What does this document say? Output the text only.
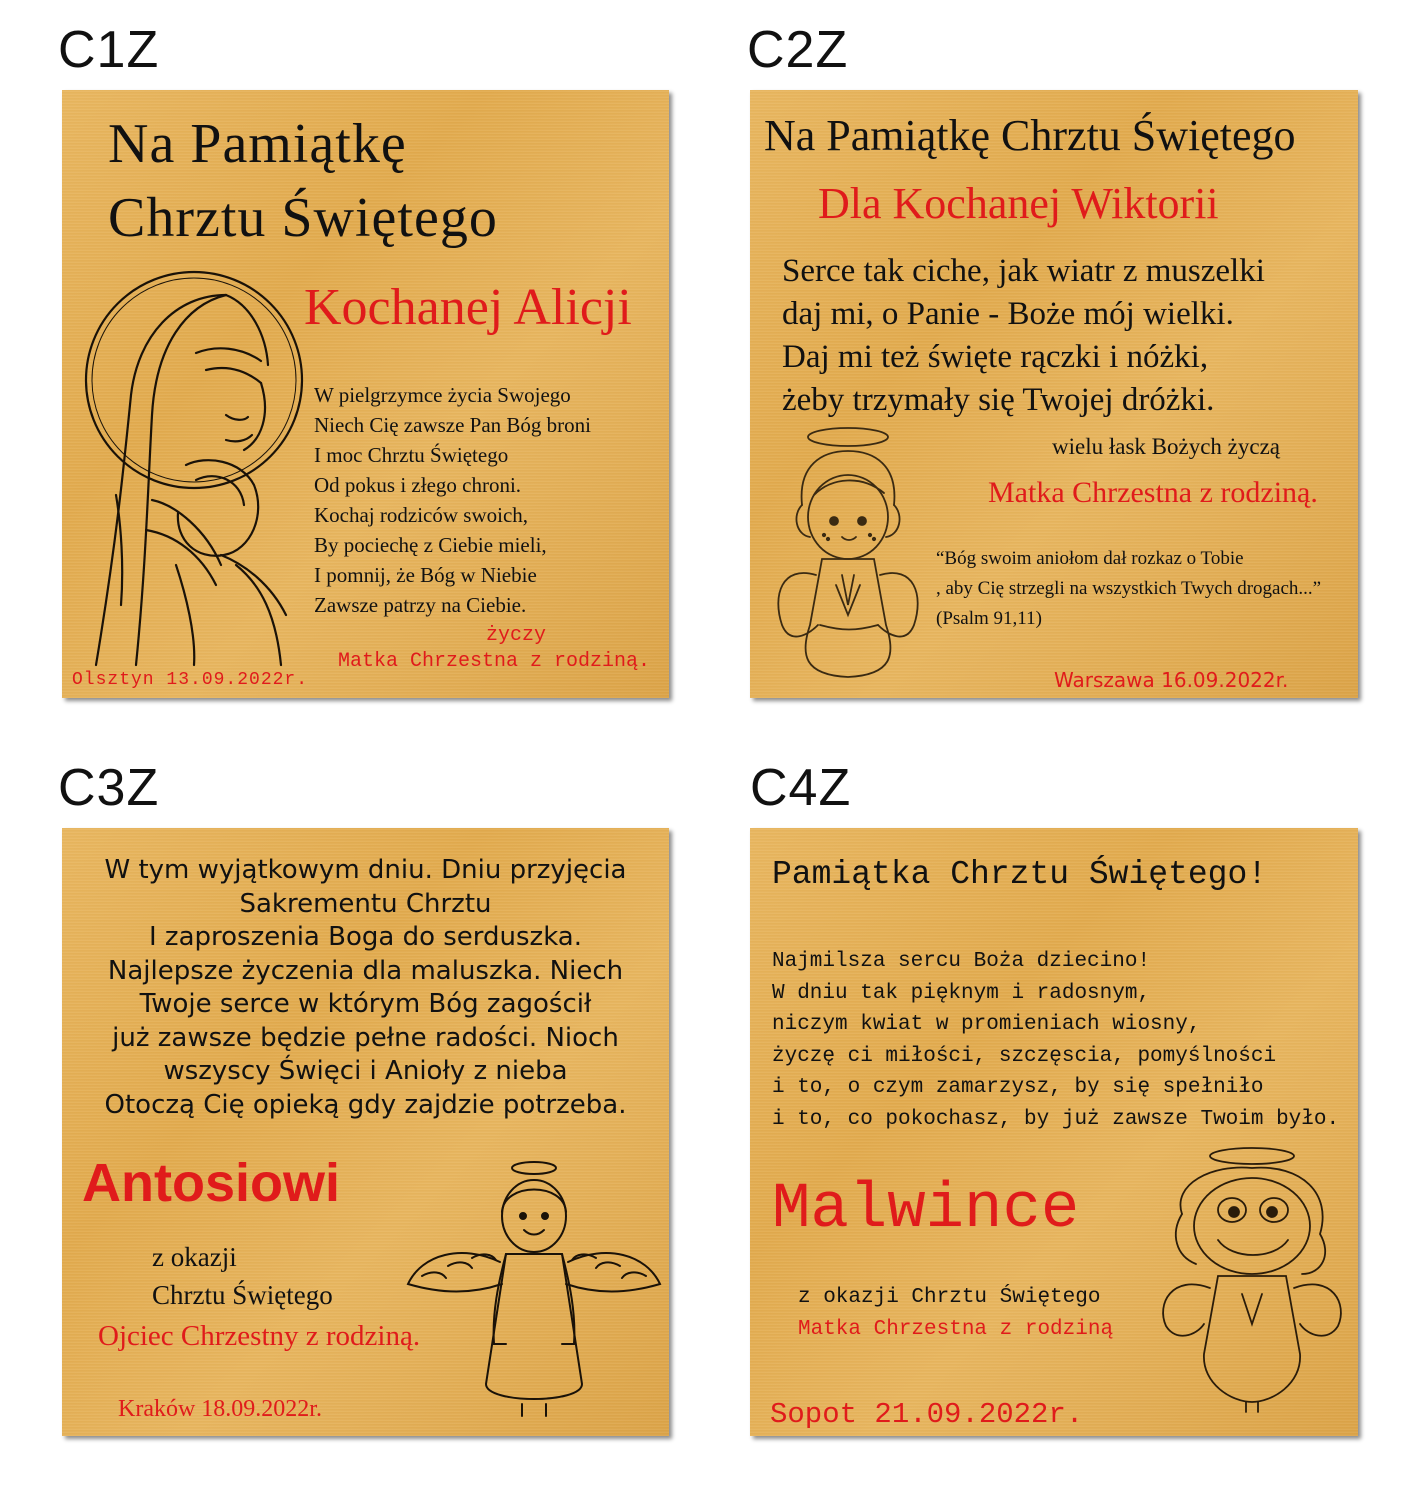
C1Z
Na Pamiątkę
Chrztu Świętego
Kochanej Alicji
W pielgrzymce życia Swojego
Niech Cię zawsze Pan Bóg broni
I moc Chrztu Świętego
Od pokus i złego chroni.
Kochaj rodziców swoich,
By pociechę z Ciebie mieli,
I pomnij, że Bóg w Niebie
Zawsze patrzy na Ciebie.
życzy
Matka Chrzestna z rodziną.
Olsztyn 13.09.2022r.
C2Z
Na Pamiątkę Chrztu Świętego
Dla Kochanej Wiktorii
Serce tak ciche, jak wiatr z muszelki
daj mi, o Panie - Boże mój wielki.
Daj mi też święte rączki i nóżki,
żeby trzymały się Twojej dróżki.
wielu łask Bożych życzą
Matka Chrzestna z rodziną.
“Bóg swoim aniołom dał rozkaz o Tobie
, aby Cię strzegli na wszystkich Twych drogach...”
(Psalm 91,11)
Warszawa 16.09.2022r.
C3Z
W tym wyjątkowym dniu. Dniu przyjęcia
Sakrementu Chrztu
I zaproszenia Boga do serduszka.
Najlepsze życzenia dla maluszka. Niech
Twoje serce w którym Bóg zagościł
już zawsze będzie pełne radości. Nioch
wszyscy Święci i Anioły z nieba
Otoczą Cię opieką gdy zajdzie potrzeba.
Antosiowi
z okazji
Chrztu Świętego
Ojciec Chrzestny z rodziną.
Kraków 18.09.2022r.
C4Z
Pamiątka Chrztu Świętego!
Najmilsza sercu Boża dziecino!
W dniu tak pięknym i radosnym,
niczym kwiat w promieniach wiosny,
życzę ci miłości, szczęscia, pomyślności
i to, o czym zamarzysz, by się spełniło
i to, co pokochasz, by już zawsze Twoim było.
Malwince
z okazji Chrztu Świętego
Matka Chrzestna z rodziną
Sopot 21.09.2022r.
